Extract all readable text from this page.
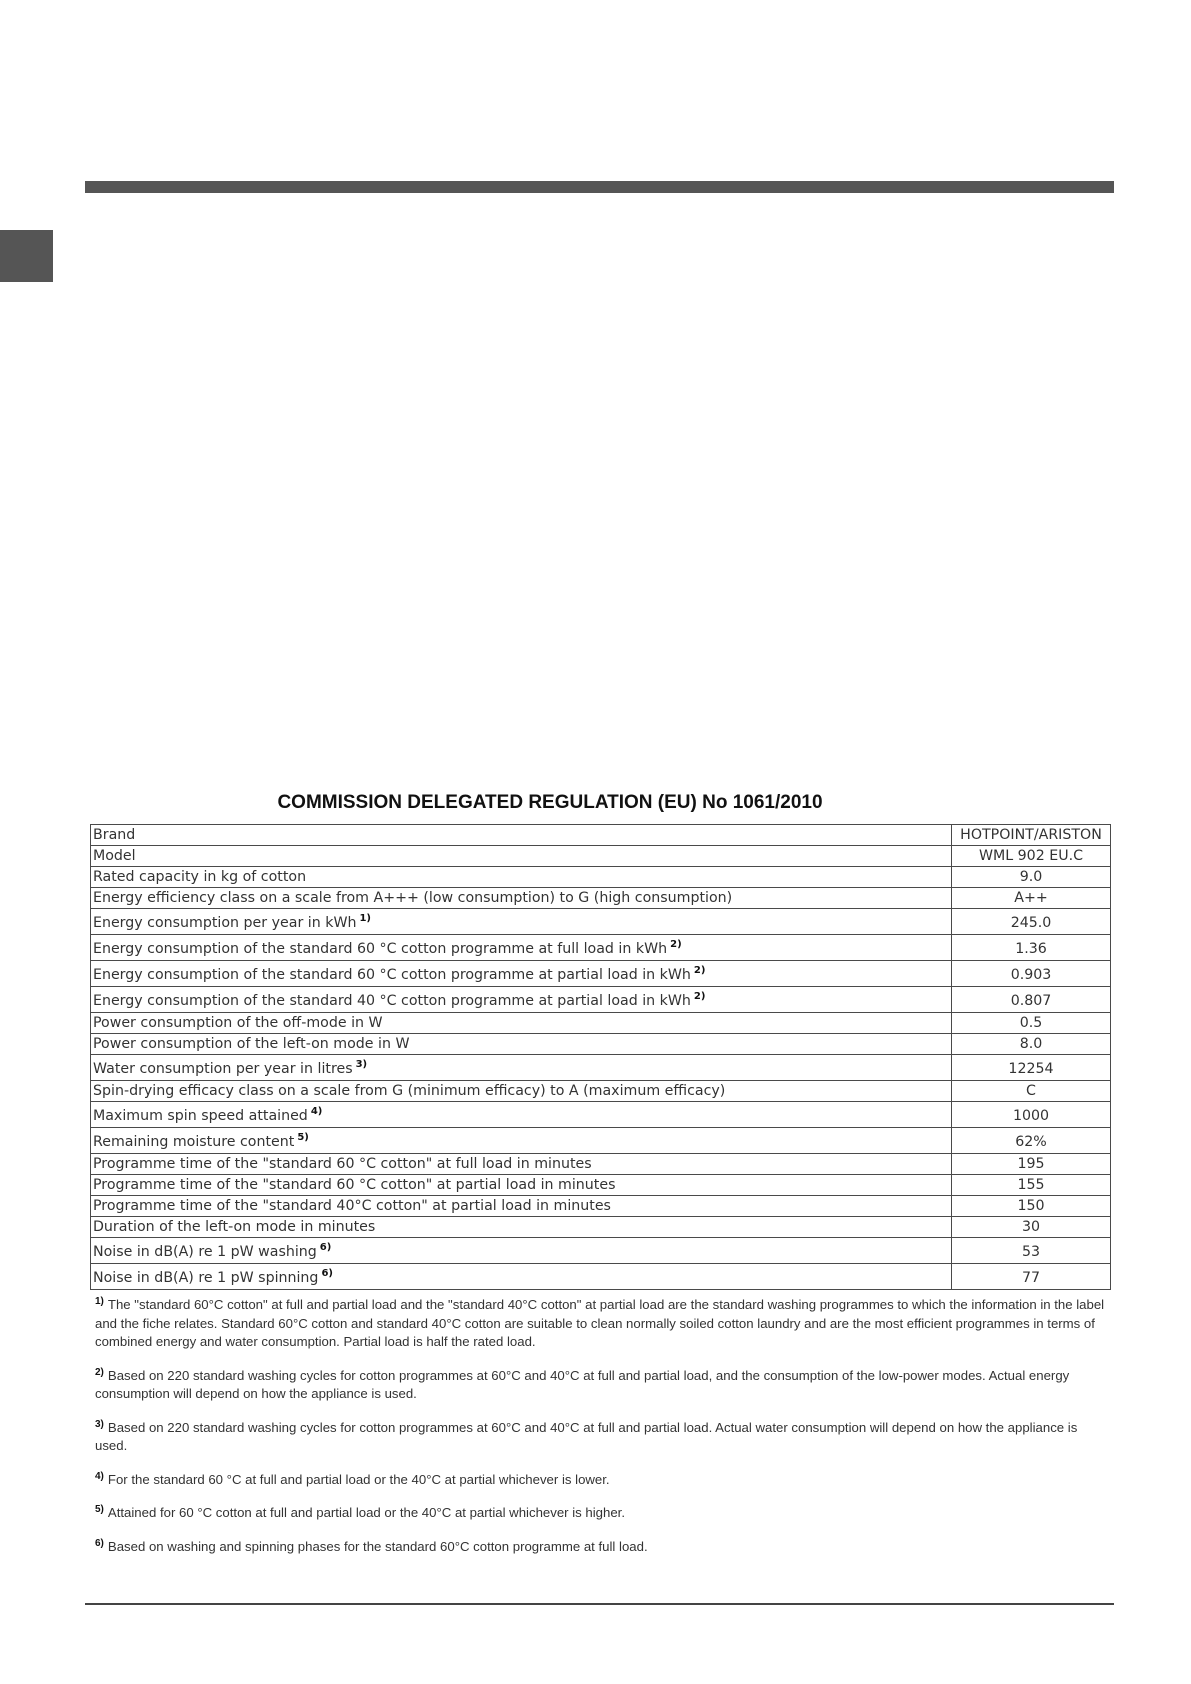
COMMISSION DELEGATED REGULATION (EU) No 1061/2010
Brand	HOTPOINT/ARISTON
Model	WML 902 EU.C
Rated capacity in kg of cotton	9.0
Energy efficiency class on a scale from A+++ (low consumption) to G (high consumption)	A++
Energy consumption per year in kWh $^{1)}$	245.0
Energy consumption of the standard 60 °C cotton programme at full load in kWh $^{2)}$	1.36
Energy consumption of the standard 60 °C cotton programme at partial load in kWh $^{2)}$	0.903
Energy consumption of the standard 40 °C cotton programme at partial load in kWh $^{2)}$	0.807
Power consumption of the off-mode in W	0.5
Power consumption of the left-on mode in W	8.0
Water consumption per year in litres $^{3)}$	12254
Spin-drying efficacy class on a scale from G (minimum efficacy) to A (maximum efficacy)	C
Maximum spin speed attained $^{4)}$	1000
Remaining moisture content $^{5)}$	62%
Programme time of the "standard 60 °C cotton" at full load in minutes	195
Programme time of the "standard 60 °C cotton" at partial load in minutes	155
Programme time of the "standard 40°C cotton" at partial load in minutes	150
Duration of the left-on mode in minutes	30
Noise in dB(A) re 1 pW washing $^{6)}$	53
Noise in dB(A) re 1 pW spinning $^{6)}$	77

$^{1)}$ The "standard 60°C cotton" at full and partial load and the "standard 40°C cotton" at partial load are the standard washing programmes to which the information in the label and the fiche relates. Standard 60°C cotton and standard 40°C cotton are suitable to clean normally soiled cotton laundry and are the most efficient programmes in terms of combined energy and water consumption. Partial load is half the rated load.

$^{2)}$ Based on 220 standard washing cycles for cotton programmes at 60°C and 40°C at full and partial load, and the consumption of the low-power modes. Actual energy consumption will depend on how the appliance is used.

$^{3)}$ Based on 220 standard washing cycles for cotton programmes at 60°C and 40°C at full and partial load. Actual water consumption will depend on how the appliance is used.

$^{4)}$ For the standard 60 °C at full and partial load or the 40°C at partial whichever is lower.

$^{5)}$ Attained for 60 °C cotton at full and partial load or the 40°C at partial whichever is higher.

$^{6)}$ Based on washing and spinning phases for the standard 60°C cotton programme at full load.
